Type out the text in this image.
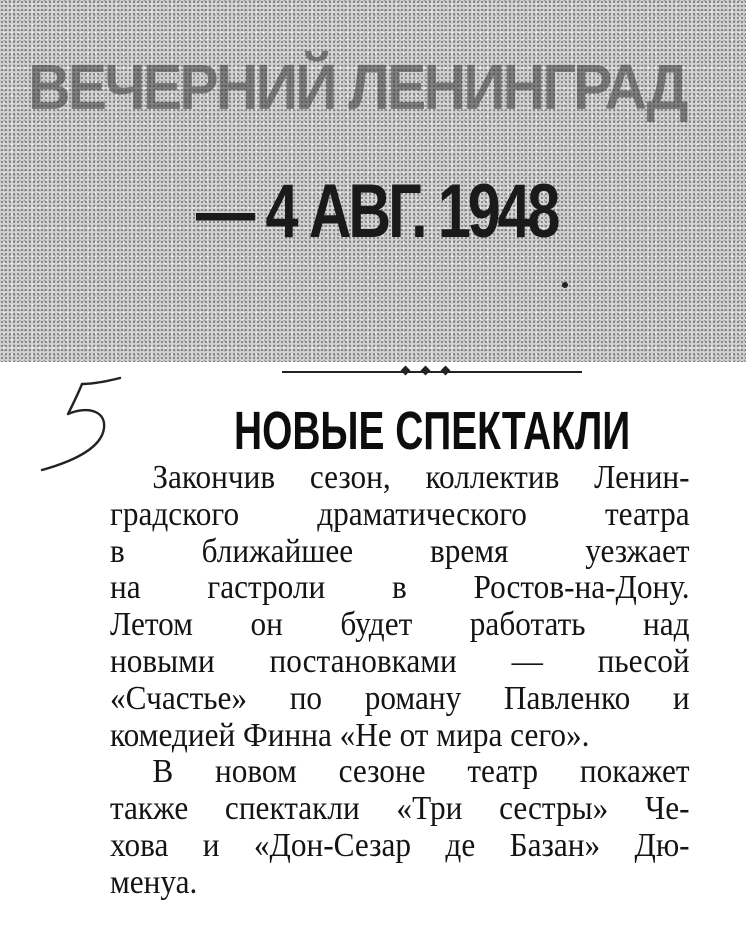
ВЕЧЕРНИЙ ЛЕНИНГРАД
— 4 АВГ. 1948
НОВЫЕ СПЕКТАКЛИ
Закончив сезон, коллектив Ленин-
градского драматического театра
в ближайшее время уезжает
на гастроли в Ростов-на-Дону.
Летом он будет работать над
новыми постановками — пьесой
«Счастье» по роману Павленко и
комедией Финна «Не от мира сего».
В новом сезоне театр покажет
также спектакли «Три сестры» Че-
хова и «Дон-Сезар де Базан» Дю-
менуа.
